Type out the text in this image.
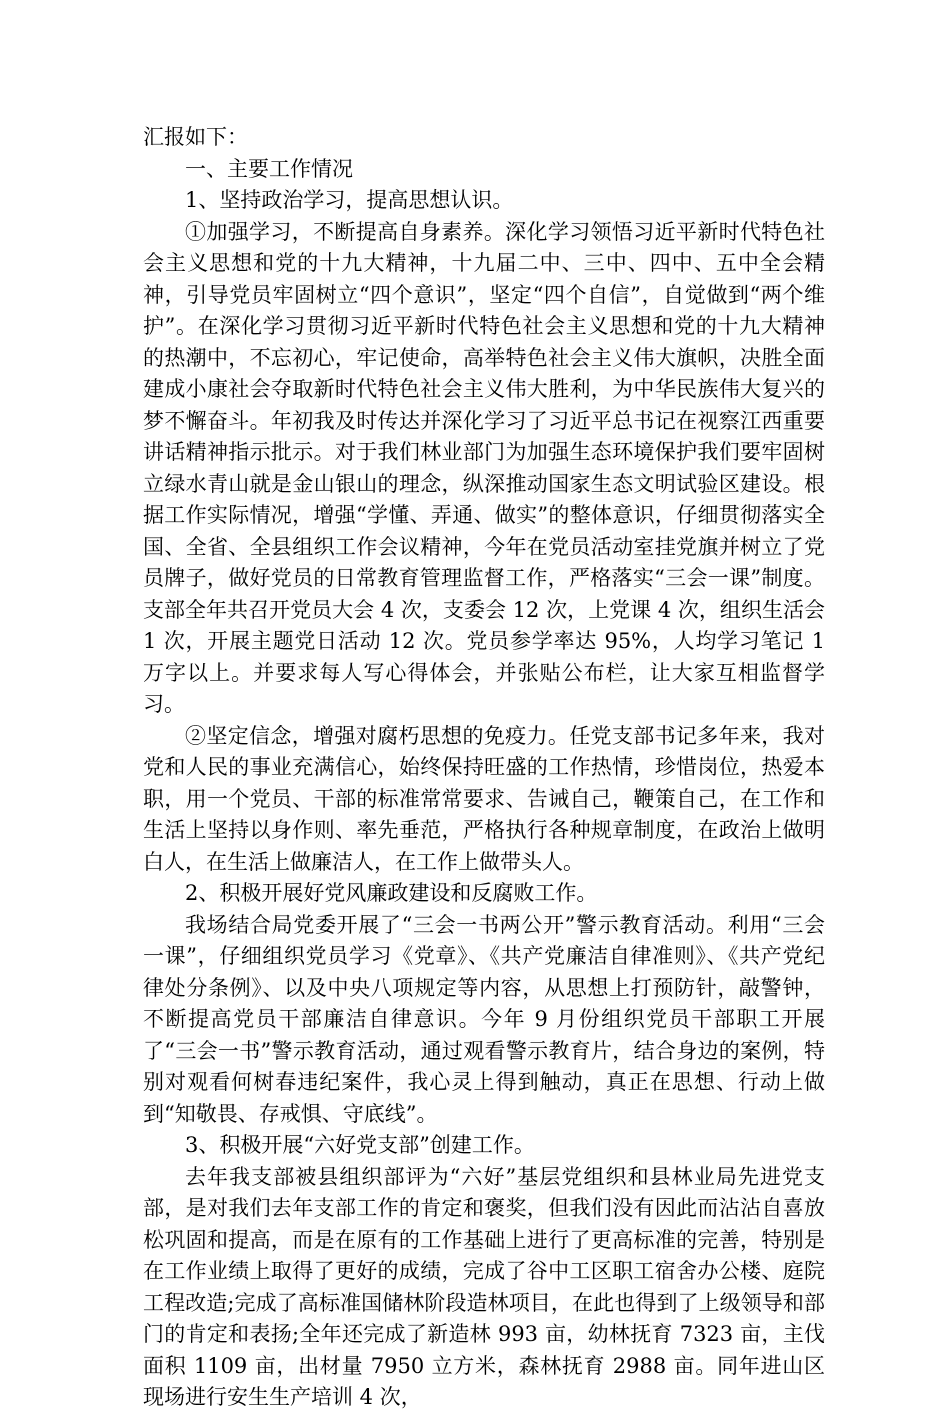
汇报如下：

一、主要工作情况

1、坚持政治学习，提高思想认识。

①加强学习，不断提高自身素养。深化学习领悟习近平新时代特色社会主义思想和党的十九大精神，十九届二中、三中、四中、五中全会精神，引导党员牢固树立“四个意识”，坚定“四个自信”，自觉做到“两个维护”。在深化学习贯彻习近平新时代特色社会主义思想和党的十九大精神的热潮中，不忘初心，牢记使命，高举特色社会主义伟大旗帜，决胜全面建成小康社会夺取新时代特色社会主义伟大胜利，为中华民族伟大复兴的梦不懈奋斗。年初我及时传达并深化学习了习近平总书记在视察江西重要讲话精神指示批示。对于我们林业部门为加强生态环境保护我们要牢固树立绿水青山就是金山银山的理念，纵深推动国家生态文明试验区建设。根据工作实际情况，增强“学懂、弄通、做实”的整体意识，仔细贯彻落实全国、全省、全县组织工作会议精神，今年在党员活动室挂党旗并树立了党员牌子，做好党员的日常教育管理监督工作，严格落实“三会一课”制度。支部全年共召开党员大会 4 次，支委会 12 次，上党课 4 次，组织生活会 1 次，开展主题党日活动 12 次。党员参学率达 95%，人均学习笔记 1 万字以上。并要求每人写心得体会，并张贴公布栏，让大家互相监督学习。

②坚定信念，增强对腐朽思想的免疫力。任党支部书记多年来，我对党和人民的事业充满信心，始终保持旺盛的工作热情，珍惜岗位，热爱本职，用一个党员、干部的标准常常要求、告诫自己，鞭策自己，在工作和生活上坚持以身作则、率先垂范，严格执行各种规章制度，在政治上做明白人，在生活上做廉洁人，在工作上做带头人。

2、积极开展好党风廉政建设和反腐败工作。

我场结合局党委开展了“三会一书两公开”警示教育活动。利用“三会一课”，仔细组织党员学习《党章》、《共产党廉洁自律准则》、《共产党纪律处分条例》、以及中央八项规定等内容，从思想上打预防针，敲警钟，不断提高党员干部廉洁自律意识。今年 9 月份组织党员干部职工开展了“三会一书”警示教育活动，通过观看警示教育片，结合身边的案例，特别对观看何树春违纪案件，我心灵上得到触动，真正在思想、行动上做到“知敬畏、存戒惧、守底线”。

3、积极开展“六好党支部”创建工作。

去年我支部被县组织部评为“六好”基层党组织和县林业局先进党支部，是对我们去年支部工作的肯定和褒奖，但我们没有因此而沾沾自喜放松巩固和提高，而是在原有的工作基础上进行了更高标准的完善，特别是在工作业绩上取得了更好的成绩，完成了谷中工区职工宿舍办公楼、庭院工程改造;完成了高标准国储林阶段造林项目，在此也得到了上级领导和部门的肯定和表扬;全年还完成了新造林 993 亩，幼林抚育 7323 亩，主伐面积 1109 亩，出材量 7950 立方米，森林抚育 2988 亩。同年进山区现场进行安生生产培训 4 次，
